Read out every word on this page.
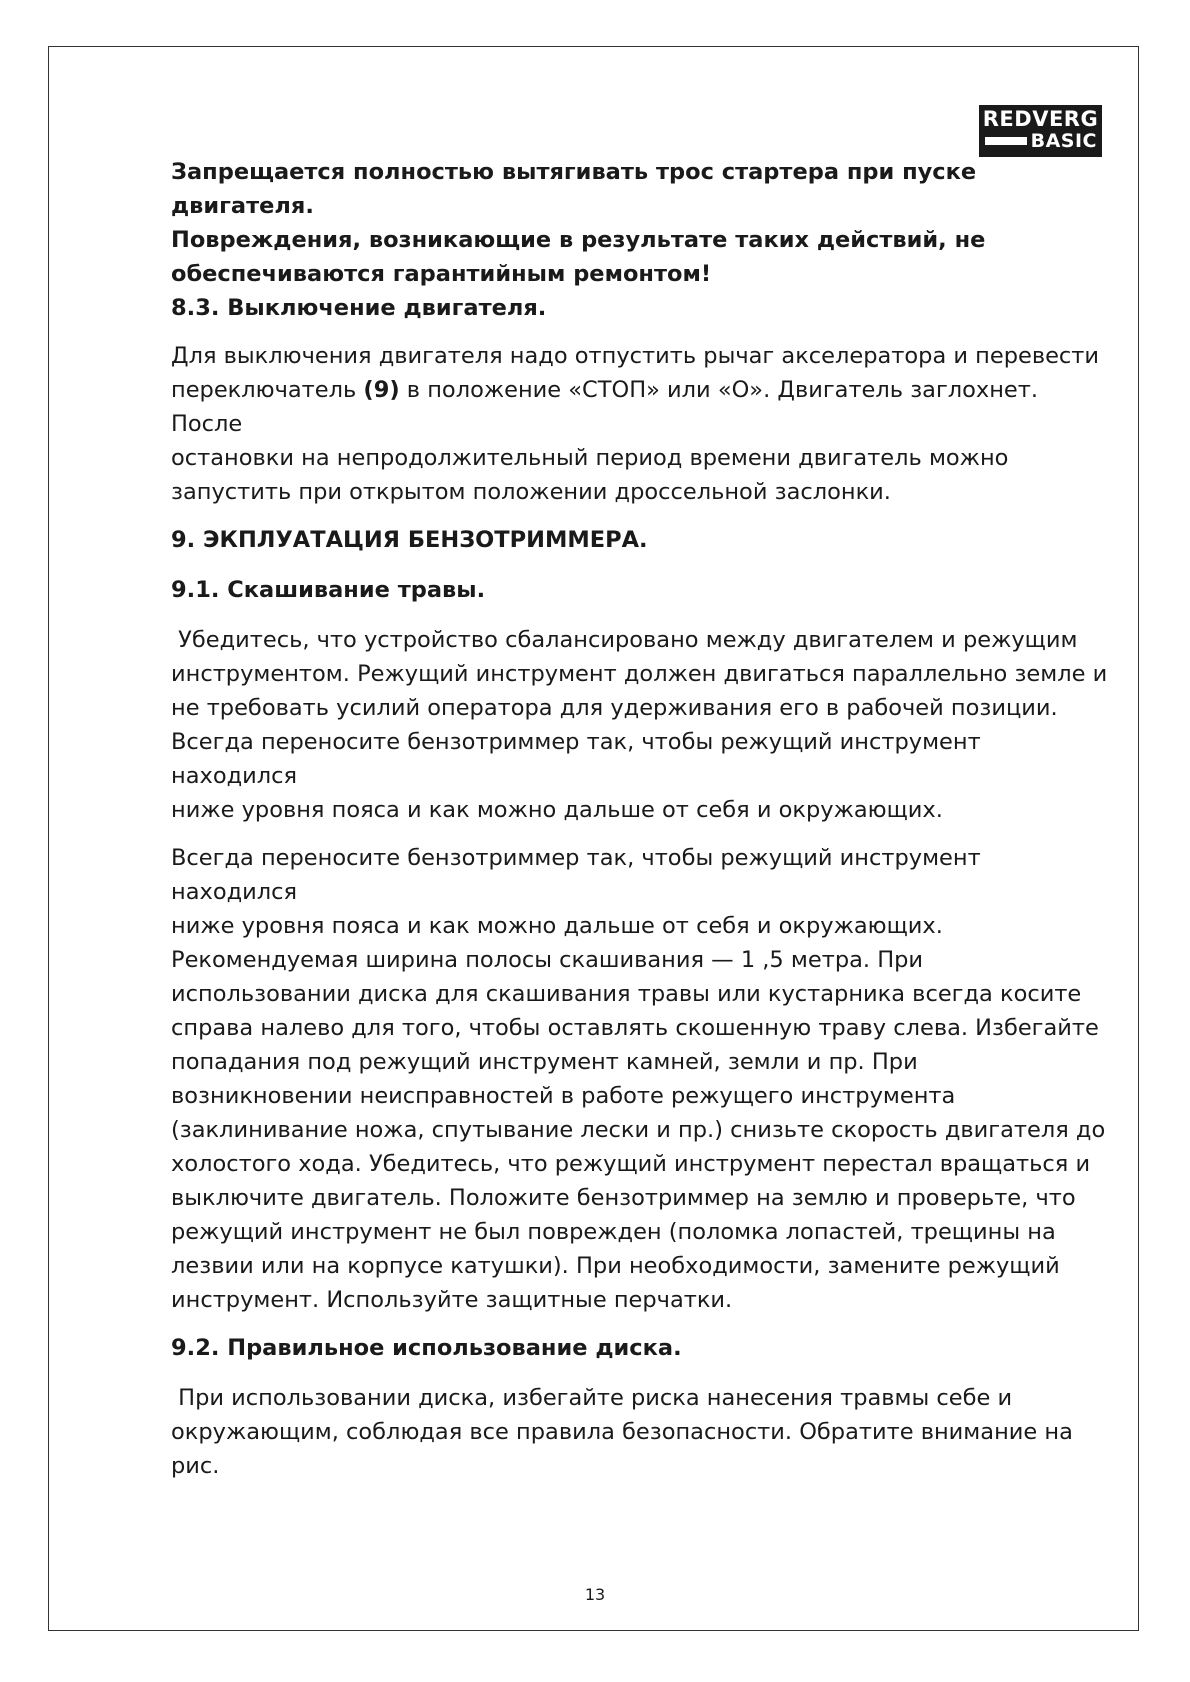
REDVERG
BASIC

Запрещается полностью вытягивать трос стартера при пуске двигателя.

Повреждения, возникающие в результате таких действий, не

обеспечиваются гарантийным ремонтом!

8.3. Выключение двигателя.

Для выключения двигателя надо отпустить рычаг акселератора и перевести

переключатель (9) в положение «СТОП» или «О». Двигатель заглохнет. После

остановки на непродолжительный период времени двигатель можно

запустить при открытом положении дроссельной заслонки.

9. ЭКПЛУАТАЦИЯ БЕНЗОТРИММЕРА.

9.1. Скашивание травы.

Убедитесь, что устройство сбалансировано между двигателем и режущим

инструментом. Режущий инструмент должен двигаться параллельно земле и

не требовать усилий оператора для удерживания его в рабочей позиции.

Всегда переносите бензотриммер так, чтобы режущий инструмент находился

ниже уровня пояса и как можно дальше от себя и окружающих.

Всегда переносите бензотриммер так, чтобы режущий инструмент находился

ниже уровня пояса и как можно дальше от себя и окружающих.

Рекомендуемая ширина полосы скашивания — 1 ,5 метра. При

использовании диска для скашивания травы или кустарника всегда косите

справа налево для того, чтобы оставлять скошенную траву слева. Избегайте

попадания под режущий инструмент камней, земли и пр. При

возникновении неисправностей в работе режущего инструмента

(заклинивание ножа, спутывание лески и пр.) снизьте скорость двигателя до

холостого хода. Убедитесь, что режущий инструмент перестал вращаться и

выключите двигатель. Положите бензотриммер на землю и проверьте, что

режущий инструмент не был поврежден (поломка лопастей, трещины на

лезвии или на корпусе катушки). При необходимости, замените режущий

инструмент. Используйте защитные перчатки.

9.2. Правильное использование диска.

При использовании диска, избегайте риска нанесения травмы себе и

окружающим, соблюдая все правила безопасности. Обратите внимание на

рис.

13
